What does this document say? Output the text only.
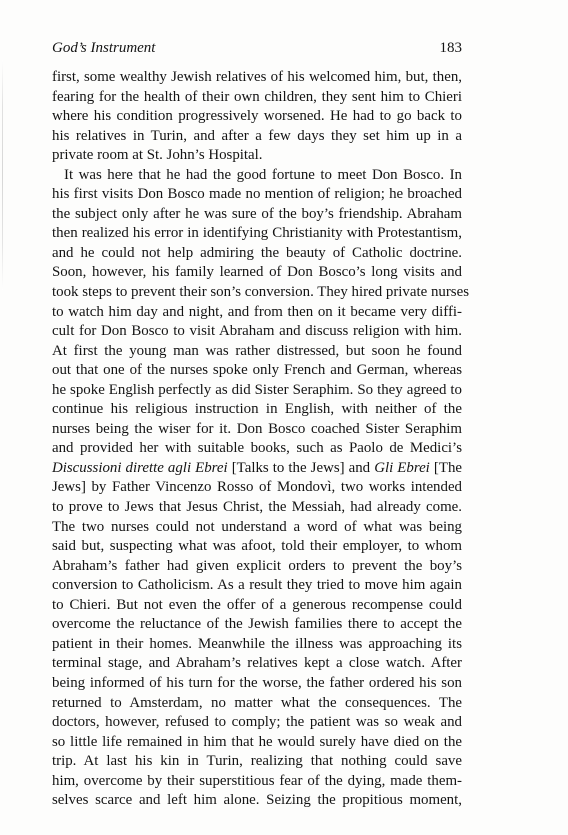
God’s Instrument	183
first, some wealthy Jewish relatives of his welcomed him, but, then,
fearing for the health of their own children, they sent him to Chieri
where his condition progressively worsened. He had to go back to
his relatives in Turin, and after a few days they set him up in a
private room at St. John’s Hospital.
It was here that he had the good fortune to meet Don Bosco. In
his first visits Don Bosco made no mention of religion; he broached
the subject only after he was sure of the boy’s friendship. Abraham
then realized his error in identifying Christianity with Protestantism,
and he could not help admiring the beauty of Catholic doctrine.
Soon, however, his family learned of Don Bosco’s long visits and
took steps to prevent their son’s conversion. They hired private nurses
to watch him day and night, and from then on it became very diffi-
cult for Don Bosco to visit Abraham and discuss religion with him.
At first the young man was rather distressed, but soon he found
out that one of the nurses spoke only French and German, whereas
he spoke English perfectly as did Sister Seraphim. So they agreed to
continue his religious instruction in English, with neither of the
nurses being the wiser for it. Don Bosco coached Sister Seraphim
and provided her with suitable books, such as Paolo de Medici’s
Discussioni dirette agli Ebrei [Talks to the Jews] and Gli Ebrei [The
Jews] by Father Vincenzo Rosso of Mondovì, two works intended
to prove to Jews that Jesus Christ, the Messiah, had already come.
The two nurses could not understand a word of what was being
said but, suspecting what was afoot, told their employer, to whom
Abraham’s father had given explicit orders to prevent the boy’s
conversion to Catholicism. As a result they tried to move him again
to Chieri. But not even the offer of a generous recompense could
overcome the reluctance of the Jewish families there to accept the
patient in their homes. Meanwhile the illness was approaching its
terminal stage, and Abraham’s relatives kept a close watch. After
being informed of his turn for the worse, the father ordered his son
returned to Amsterdam, no matter what the consequences. The
doctors, however, refused to comply; the patient was so weak and
so little life remained in him that he would surely have died on the
trip. At last his kin in Turin, realizing that nothing could save
him, overcome by their superstitious fear of the dying, made them-
selves scarce and left him alone. Seizing the propitious moment,
